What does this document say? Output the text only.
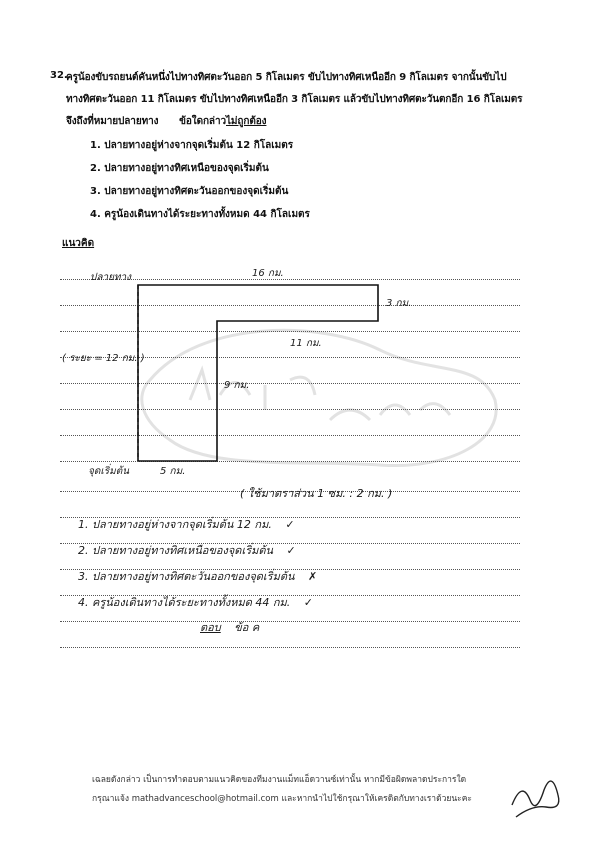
32.
ครูน้องขับรถยนต์คันหนึ่งไปทางทิศตะวันออก 5 กิโลเมตร ขับไปทางทิศเหนืออีก 9 กิโลเมตร จากนั้นขับไป
ทางทิศตะวันออก 11 กิโลเมตร ขับไปทางทิศเหนืออีก 3 กิโลเมตร แล้วขับไปทางทิศตะวันตกอีก 16 กิโลเมตร
จึงถึงที่หมายปลายทาง ข้อใดกล่าวไม่ถูกต้อง
1. ปลายทางอยู่ห่างจากจุดเริ่มต้น 12 กิโลเมตร
2. ปลายทางอยู่ทางทิศเหนือของจุดเริ่มต้น
3. ปลายทางอยู่ทางทิศตะวันออกของจุดเริ่มต้น
4. ครูน้องเดินทางได้ระยะทางทั้งหมด 44 กิโลเมตร
แนวคิด
ปลายทาง	16 กม.
3 กม.
11 กม.
( ระยะ = 12 กม. )
9 กม.
จุดเริ่มต้น	5 กม.
( ใช้มาตราส่วน 1 ซม. : 2 กม. )
1. ปลายทางอยู่ห่างจากจุดเริ่มต้น 12 กม. ✓
2. ปลายทางอยู่ทางทิศเหนือของจุดเริ่มต้น ✓
3. ปลายทางอยู่ทางทิศตะวันออกของจุดเริ่มต้น ✗
4. ครูน้องเดินทางได้ระยะทางทั้งหมด 44 กม. ✓
ตอบ ข้อ ค
เฉลยดังกล่าว เป็นการทำตอบตามแนวคิดของทีมงานแม็ทแอ็ดวานซ์เท่านั้น หากมีข้อผิดพลาดประการใด
กรุณาแจ้ง mathadvanceschool@hotmail.com และหากนำไปใช้กรุณาให้เครดิตกับทางเราด้วยนะคะ
